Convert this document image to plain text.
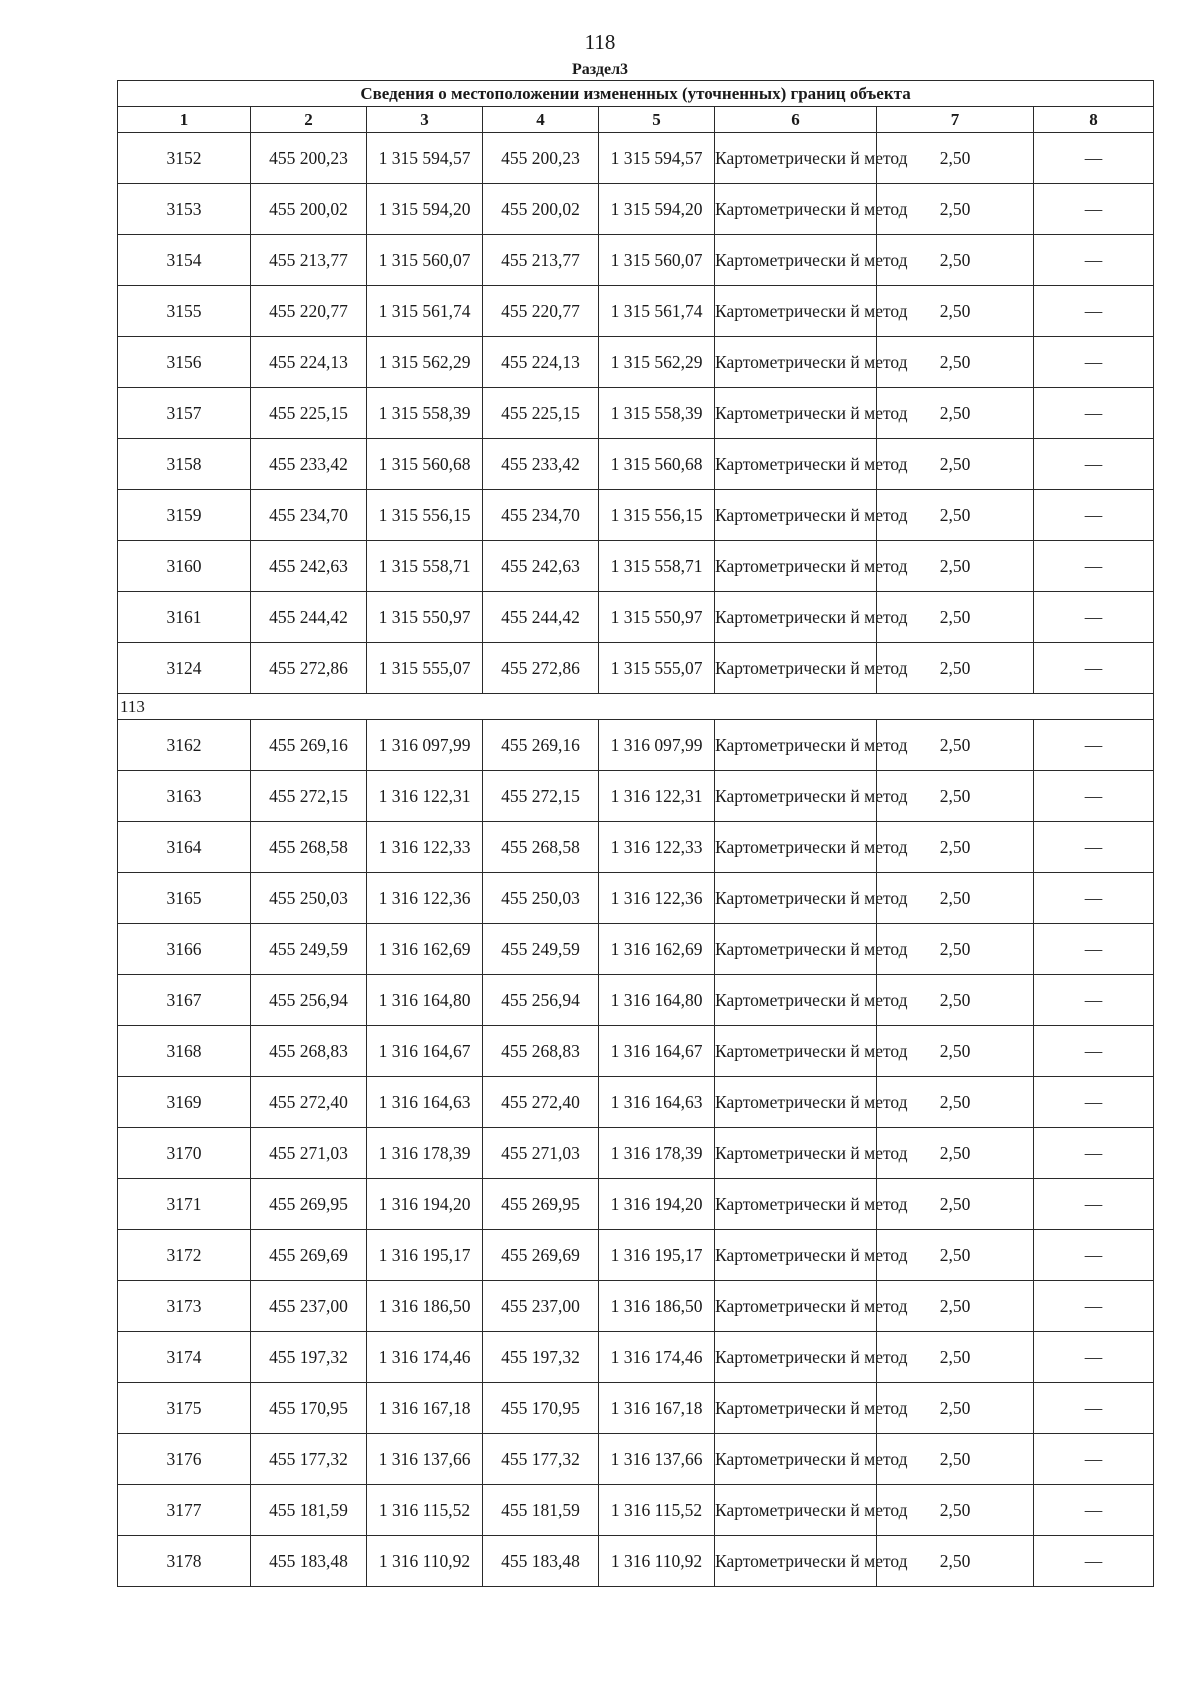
118
Раздел3
Сведения о местоположении измененных (уточненных) границ объекта							
1	2	3	4	5	6	7	8
3152	455 200,23	1 315 594,57	455 200,23	1 315 594,57	Картометрически й метод	2,50	—
3153	455 200,02	1 315 594,20	455 200,02	1 315 594,20	Картометрически й метод	2,50	—
3154	455 213,77	1 315 560,07	455 213,77	1 315 560,07	Картометрически й метод	2,50	—
3155	455 220,77	1 315 561,74	455 220,77	1 315 561,74	Картометрически й метод	2,50	—
3156	455 224,13	1 315 562,29	455 224,13	1 315 562,29	Картометрически й метод	2,50	—
3157	455 225,15	1 315 558,39	455 225,15	1 315 558,39	Картометрически й метод	2,50	—
3158	455 233,42	1 315 560,68	455 233,42	1 315 560,68	Картометрически й метод	2,50	—
3159	455 234,70	1 315 556,15	455 234,70	1 315 556,15	Картометрически й метод	2,50	—
3160	455 242,63	1 315 558,71	455 242,63	1 315 558,71	Картометрически й метод	2,50	—
3161	455 244,42	1 315 550,97	455 244,42	1 315 550,97	Картометрически й метод	2,50	—
3124	455 272,86	1 315 555,07	455 272,86	1 315 555,07	Картометрически й метод	2,50	—
113							
3162	455 269,16	1 316 097,99	455 269,16	1 316 097,99	Картометрически й метод	2,50	—
3163	455 272,15	1 316 122,31	455 272,15	1 316 122,31	Картометрически й метод	2,50	—
3164	455 268,58	1 316 122,33	455 268,58	1 316 122,33	Картометрически й метод	2,50	—
3165	455 250,03	1 316 122,36	455 250,03	1 316 122,36	Картометрически й метод	2,50	—
3166	455 249,59	1 316 162,69	455 249,59	1 316 162,69	Картометрически й метод	2,50	—
3167	455 256,94	1 316 164,80	455 256,94	1 316 164,80	Картометрически й метод	2,50	—
3168	455 268,83	1 316 164,67	455 268,83	1 316 164,67	Картометрически й метод	2,50	—
3169	455 272,40	1 316 164,63	455 272,40	1 316 164,63	Картометрически й метод	2,50	—
3170	455 271,03	1 316 178,39	455 271,03	1 316 178,39	Картометрически й метод	2,50	—
3171	455 269,95	1 316 194,20	455 269,95	1 316 194,20	Картометрически й метод	2,50	—
3172	455 269,69	1 316 195,17	455 269,69	1 316 195,17	Картометрически й метод	2,50	—
3173	455 237,00	1 316 186,50	455 237,00	1 316 186,50	Картометрически й метод	2,50	—
3174	455 197,32	1 316 174,46	455 197,32	1 316 174,46	Картометрически й метод	2,50	—
3175	455 170,95	1 316 167,18	455 170,95	1 316 167,18	Картометрически й метод	2,50	—
3176	455 177,32	1 316 137,66	455 177,32	1 316 137,66	Картометрически й метод	2,50	—
3177	455 181,59	1 316 115,52	455 181,59	1 316 115,52	Картометрически й метод	2,50	—
3178	455 183,48	1 316 110,92	455 183,48	1 316 110,92	Картометрически й метод	2,50	—
